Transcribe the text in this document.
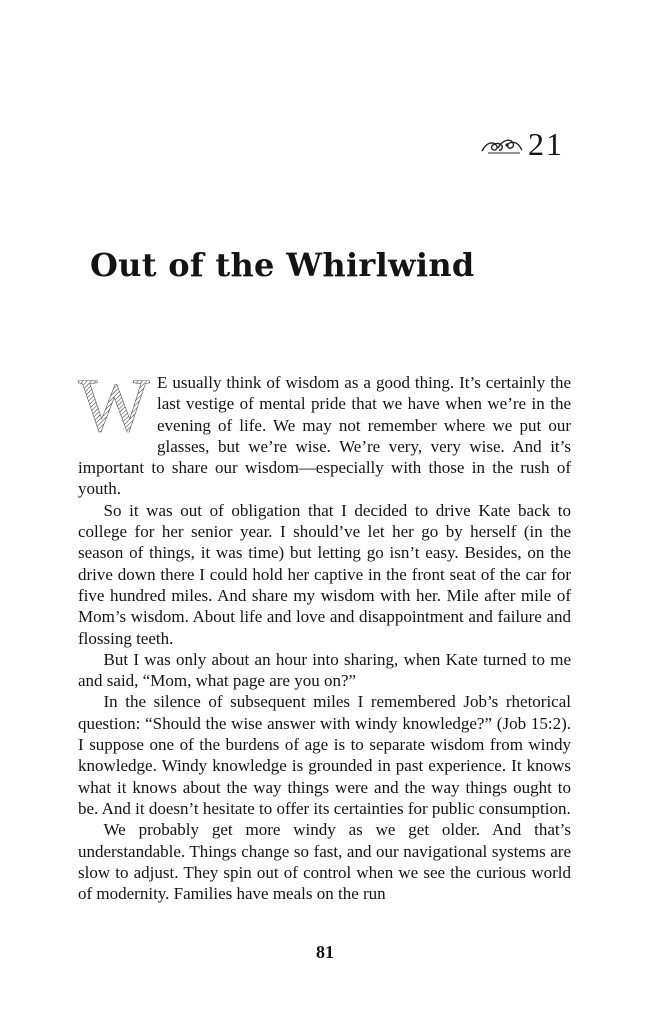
21
Out of the Whirlwind

W E usually think of wisdom as a good thing. It’s certainly the last vestige of mental pride that we have when we’re in the evening of life. We may not remember where we put our glasses, but we’re wise. We’re very, very wise. And it’s important to share our wisdom—especially with those in the rush of youth.

So it was out of obligation that I decided to drive Kate back to college for her senior year. I should’ve let her go by herself (in the season of things, it was time) but letting go isn’t easy. Besides, on the drive down there I could hold her captive in the front seat of the car for five hundred miles. And share my wisdom with her. Mile after mile of Mom’s wisdom. About life and love and disappointment and failure and flossing teeth.

But I was only about an hour into sharing, when Kate turned to me and said, “Mom, what page are you on?”

In the silence of subsequent miles I remembered Job’s rhetorical question: “Should the wise answer with windy knowledge?” (Job 15:2). I suppose one of the burdens of age is to separate wisdom from windy knowledge. Windy knowledge is grounded in past experience. It knows what it knows about the way things were and the way things ought to be. And it doesn’t hesitate to offer its certainties for public consumption.

We probably get more windy as we get older. And that’s understandable. Things change so fast, and our navigational systems are slow to adjust. They spin out of control when we see the curious world of modernity. Families have meals on the run

81
